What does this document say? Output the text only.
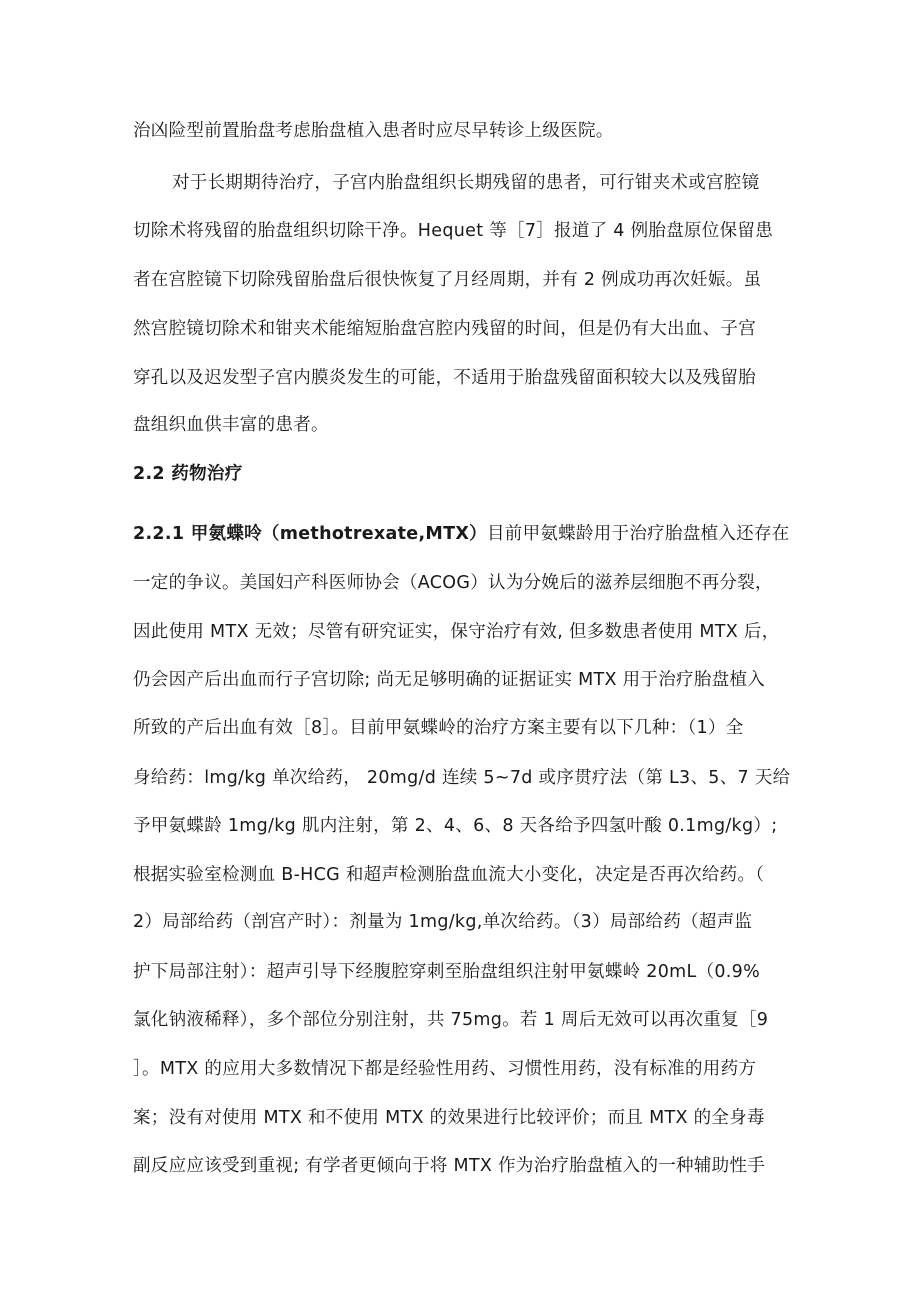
治凶险型前置胎盘考虑胎盘植入患者时应尽早转诊上级医院。
对于长期期待治疗，子宫内胎盘组织长期残留的患者，可行钳夹术或宫腔镜
切除术将残留的胎盘组织切除干净。Hequet 等［7］报道了 4 例胎盘原位保留患
者在宫腔镜下切除残留胎盘后很快恢复了月经周期，并有 2 例成功再次妊娠。虽
然宫腔镜切除术和钳夹术能缩短胎盘宫腔内残留的时间，但是仍有大出血、子宫
穿孔以及迟发型子宫内膜炎发生的可能，不适用于胎盘残留面积较大以及残留胎
盘组织血供丰富的患者。
2.2 药物治疗
2.2.1 甲氨蝶呤（methotrexate,MTX）目前甲氨蝶龄用于治疗胎盘植入还存在
一定的争议。美国妇产科医师协会（ACOG）认为分娩后的滋养层细胞不再分裂，
因此使用 MTX 无效；尽管有研究证实，保守治疗有效, 但多数患者使用 MTX 后，
仍会因产后出血而行子宫切除; 尚无足够明确的证据证实 MTX 用于治疗胎盘植入
所致的产后出血有效［8］。目前甲氨蝶岭的治疗方案主要有以下几种：（1）全
身给药：lmg/kg 单次给药， 20mg/d 连续 5~7d 或序贯疗法（第 L3、5、7 天给
予甲氨蝶龄 1mg/kg 肌内注射，第 2、4、6、8 天各给予四氢叶酸 0.1mg/kg）;
根据实验室检测血 B-HCG 和超声检测胎盘血流大小变化，决定是否再次给药。（
2）局部给药（剖宫产时）：剂量为 1mg/kg,单次给药。（3）局部给药（超声监
护下局部注射）：超声引导下经腹腔穿刺至胎盘组织注射甲氨蝶岭 20mL（0.9%
氯化钠液稀释），多个部位分别注射，共 75mg。若 1 周后无效可以再次重复［9
］。MTX 的应用大多数情况下都是经验性用药、习惯性用药，没有标准的用药方
案；没有对使用 MTX 和不使用 MTX 的效果进行比较评价；而且 MTX 的全身毒
副反应应该受到重视; 有学者更倾向于将 MTX 作为治疗胎盘植入的一种辅助性手
